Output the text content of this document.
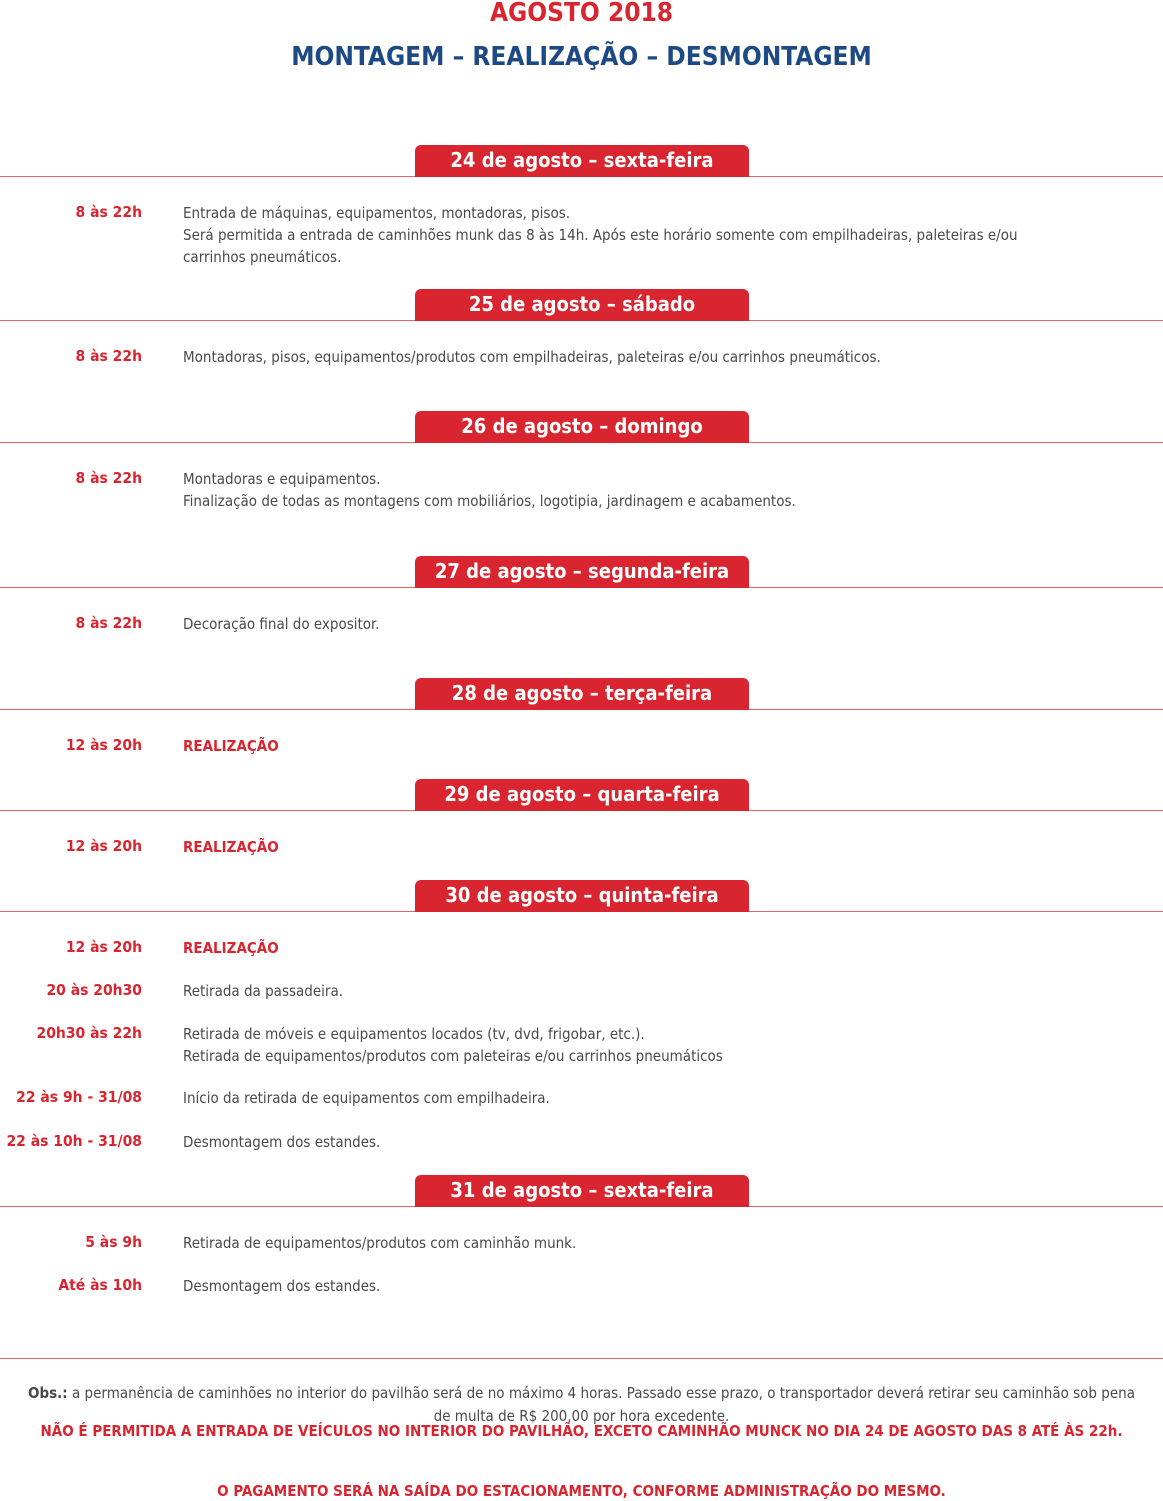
AGOSTO 2018
MONTAGEM – REALIZAÇÃO – DESMONTAGEM
24 de agosto – sexta-feira
8 às 22h	Entrada de máquinas, equipamentos, montadoras, pisos.
Será permitida a entrada de caminhões munk das 8 às 14h. Após este horário somente com empilhadeiras, paleteiras e/ou
carrinhos pneumáticos.
25 de agosto – sábado
8 às 22h	Montadoras, pisos, equipamentos/produtos com empilhadeiras, paleteiras e/ou carrinhos pneumáticos.
26 de agosto – domingo
8 às 22h	Montadoras e equipamentos.
Finalização de todas as montagens com mobiliários, logotipia, jardinagem e acabamentos.
27 de agosto – segunda-feira
8 às 22h	Decoração final do expositor.
28 de agosto – terça-feira
12 às 20h	REALIZAÇÃO
29 de agosto – quarta-feira
12 às 20h	REALIZAÇÃO
30 de agosto – quinta-feira
12 às 20h	REALIZAÇÃO
20 às 20h30	Retirada da passadeira.
20h30 às 22h	Retirada de móveis e equipamentos locados (tv, dvd, frigobar, etc.).
Retirada de equipamentos/produtos com paleteiras e/ou carrinhos pneumáticos
22 às 9h - 31/08	Início da retirada de equipamentos com empilhadeira.
22 às 10h - 31/08	Desmontagem dos estandes.
31 de agosto – sexta-feira
5 às 9h	Retirada de equipamentos/produtos com caminhão munk.
Até às 10h	Desmontagem dos estandes.

Obs.: a permanência de caminhões no interior do pavilhão será de no máximo 4 horas. Passado esse prazo, o transportador deverá retirar seu caminhão sob pena de multa de R$ 200,00 por hora excedente.

NÃO É PERMITIDA A ENTRADA DE VEÍCULOS NO INTERIOR DO PAVILHÃO, EXCETO CAMINHÃO MUNCK NO DIA 24 DE AGOSTO DAS 8 ATÉ ÀS 22h.
O PAGAMENTO SERÁ NA SAÍDA DO ESTACIONAMENTO, CONFORME ADMINISTRAÇÃO DO MESMO.
